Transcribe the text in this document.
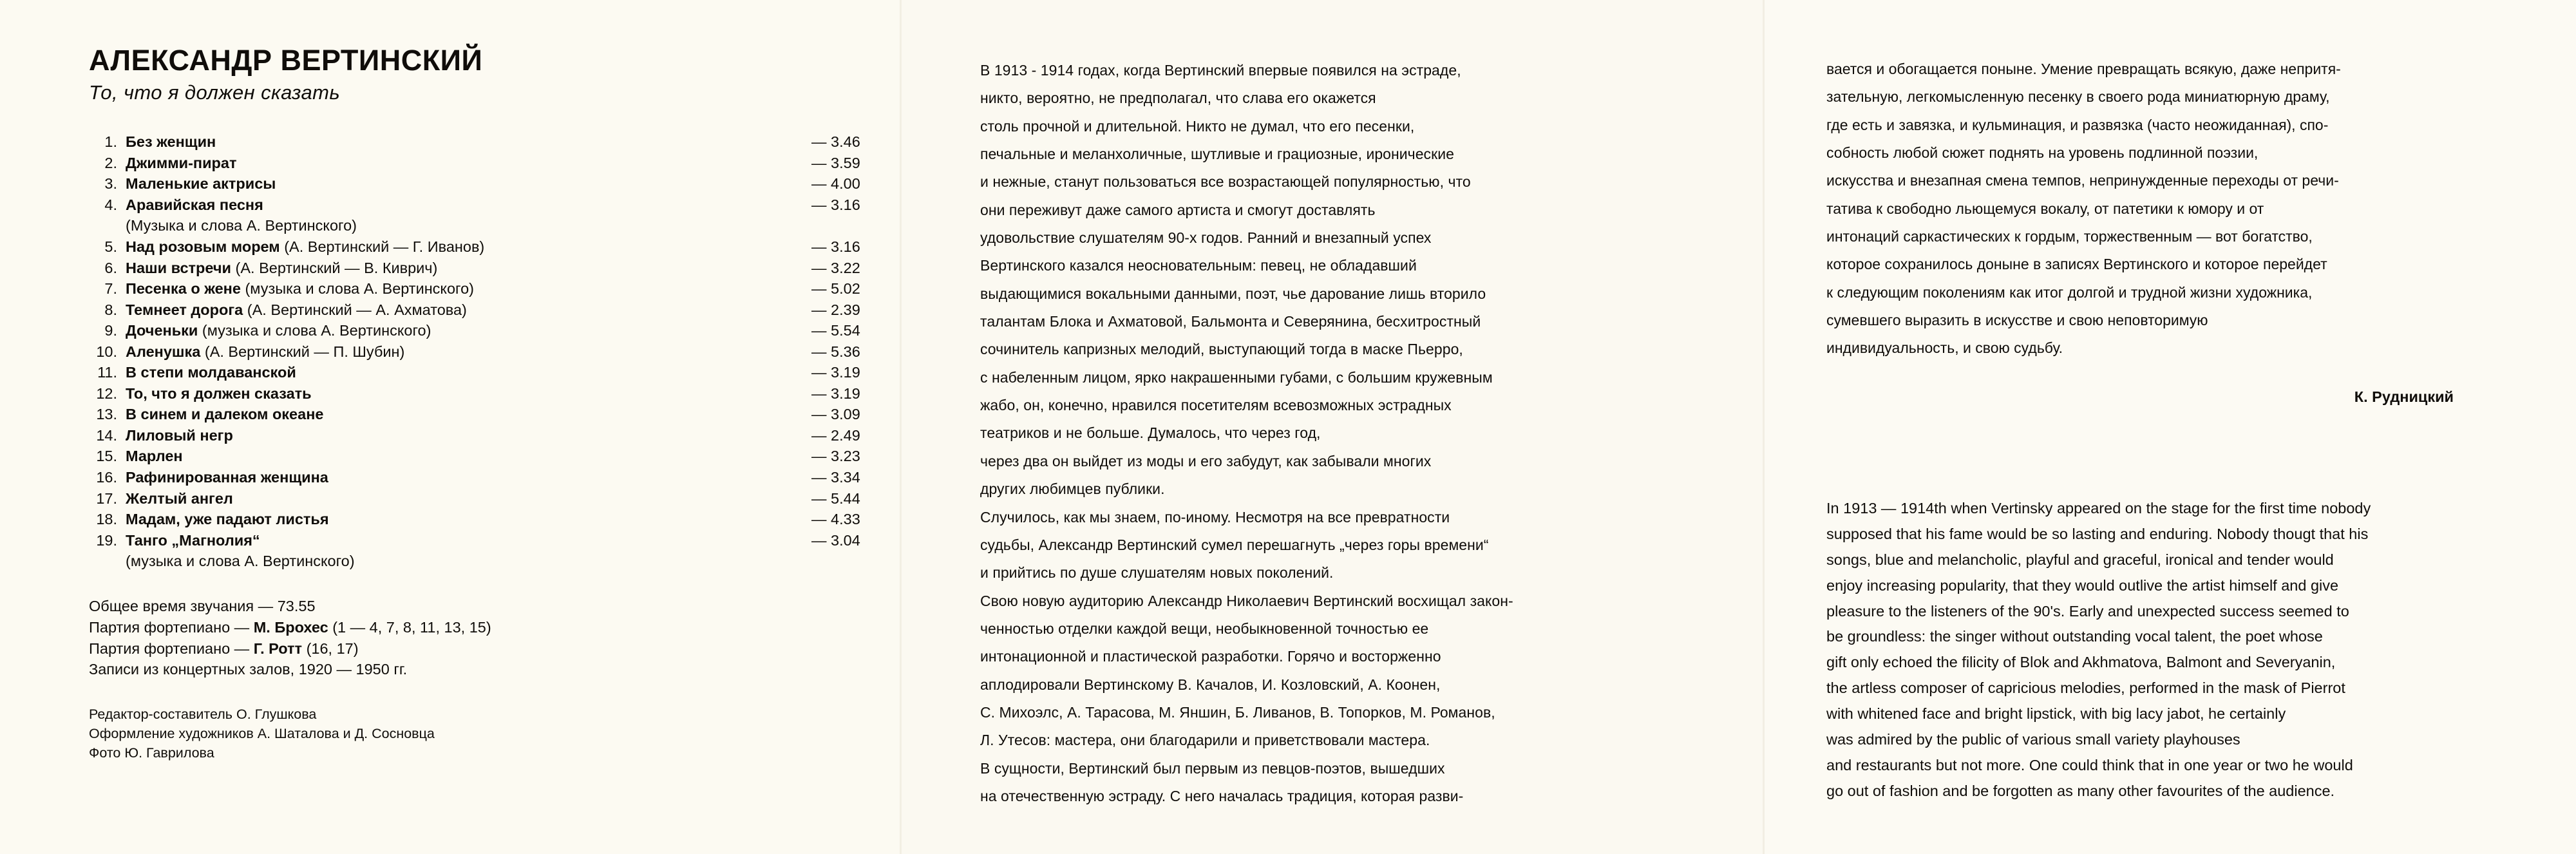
АЛЕКСАНДР ВЕРТИНСКИЙ
То, что я должен сказать
1. Без женщин	— 3.46
2. Джимми-пират	— 3.59
3. Маленькие актрисы	— 4.00
4. Аравийская песня	— 3.16
(Музыка и слова А. Вертинского)
5. Над розовым морем (А. Вертинский — Г. Иванов)	— 3.16
6. Наши встречи (А. Вертинский — В. Киврич)	— 3.22
7. Песенка о жене (музыка и слова А. Вертинского)	— 5.02
8. Темнеет дорога (А. Вертинский — А. Ахматова)	— 2.39
9. Доченьки (музыка и слова А. Вертинского)	— 5.54
10. Аленушка (А. Вертинский — П. Шубин)	— 5.36
11. В степи молдаванской	— 3.19
12. То, что я должен сказать	— 3.19
13. В синем и далеком океане	— 3.09
14. Лиловый негр	— 2.49
15. Марлен	— 3.23
16. Рафинированная женщина	— 3.34
17. Желтый ангел	— 5.44
18. Мадам, уже падают листья	— 4.33
19. Танго „Магнолия“	— 3.04
(музыка и слова А. Вертинского)
Общее время звучания — 73.55
Партия фортепиано — М. Брохес (1 — 4, 7, 8, 11, 13, 15)
Партия фортепиано — Г. Ротт (16, 17)
Записи из концертных залов, 1920 — 1950 гг.
Редактор-составитель О. Глушкова
Оформление художников А. Шаталова и Д. Сосновца
Фото Ю. Гаврилова
В 1913 - 1914 годах, когда Вертинский впервые появился на эстраде,
никто, вероятно, не предполагал, что слава его окажется
столь прочной и длительной. Никто не думал, что его песенки,
печальные и меланхоличные, шутливые и грациозные, иронические
и нежные, станут пользоваться все возрастающей популярностью, что
они переживут даже самого артиста и смогут доставлять
удовольствие слушателям 90-х годов. Ранний и внезапный успех
Вертинского казался неосновательным: певец, не обладавший
выдающимися вокальными данными, поэт, чье дарование лишь вторило
талантам Блока и Ахматовой, Бальмонта и Северянина, бесхитростный
сочинитель капризных мелодий, выступающий тогда в маске Пьерро,
с набеленным лицом, ярко накрашенными губами, с большим кружевным
жабо, он, конечно, нравился посетителям всевозможных эстрадных
театриков и не больше. Думалось, что через год,
через два он выйдет из моды и его забудут, как забывали многих
других любимцев публики.
Случилось, как мы знаем, по-иному. Несмотря на все превратности
судьбы, Александр Вертинский сумел перешагнуть „через горы времени“
и прийтись по душе слушателям новых поколений.
Свою новую аудиторию Александр Николаевич Вертинский восхищал закон-
ченностью отделки каждой вещи, необыкновенной точностью ее
интонационной и пластической разработки. Горячо и восторженно
аплодировали Вертинскому В. Качалов, И. Козловский, А. Коонен,
С. Михоэлс, А. Тарасова, М. Яншин, Б. Ливанов, В. Топорков, М. Романов,
Л. Утесов: мастера, они благодарили и приветствовали мастера.
В сущности, Вертинский был первым из певцов-поэтов, вышедших
на отечественную эстраду. С него началась традиция, которая разви-
вается и обогащается поныне. Умение превращать всякую, даже непритя-
зательную, легкомысленную песенку в своего рода миниатюрную драму,
где есть и завязка, и кульминация, и развязка (часто неожиданная), спо-
собность любой сюжет поднять на уровень подлинной поэзии,
искусства и внезапная смена темпов, непринужденные переходы от речи-
татива к свободно льющемуся вокалу, от патетики к юмору и от
интонаций саркастических к гордым, торжественным — вот богатство,
которое сохранилось доныне в записях Вертинского и которое перейдет
к следующим поколениям как итог долгой и трудной жизни художника,
сумевшего выразить в искусстве и свою неповторимую
индивидуальность, и свою судьбу.
К. Рудницкий
In 1913 — 1914th when Vertinsky appeared on the stage for the first time nobody
supposed that his fame would be so lasting and enduring. Nobody thougt that his
songs, blue and melancholic, playful and graceful, ironical and tender would
enjoy increasing popularity, that they would outlive the artist himself and give
pleasure to the listeners of the 90's. Early and unexpected success seemed to
be groundless: the singer without outstanding vocal talent, the poet whose
gift only echoed the filicity of Blok and Akhmatova, Balmont and Severyanin,
the artless composer of capricious melodies, performed in the mask of Pierrot
with whitened face and bright lipstick, with big lacy jabot, he certainly
was admired by the public of various small variety playhouses
and restaurants but not more. One could think that in one year or two he would
go out of fashion and be forgotten as many other favourites of the audience.
